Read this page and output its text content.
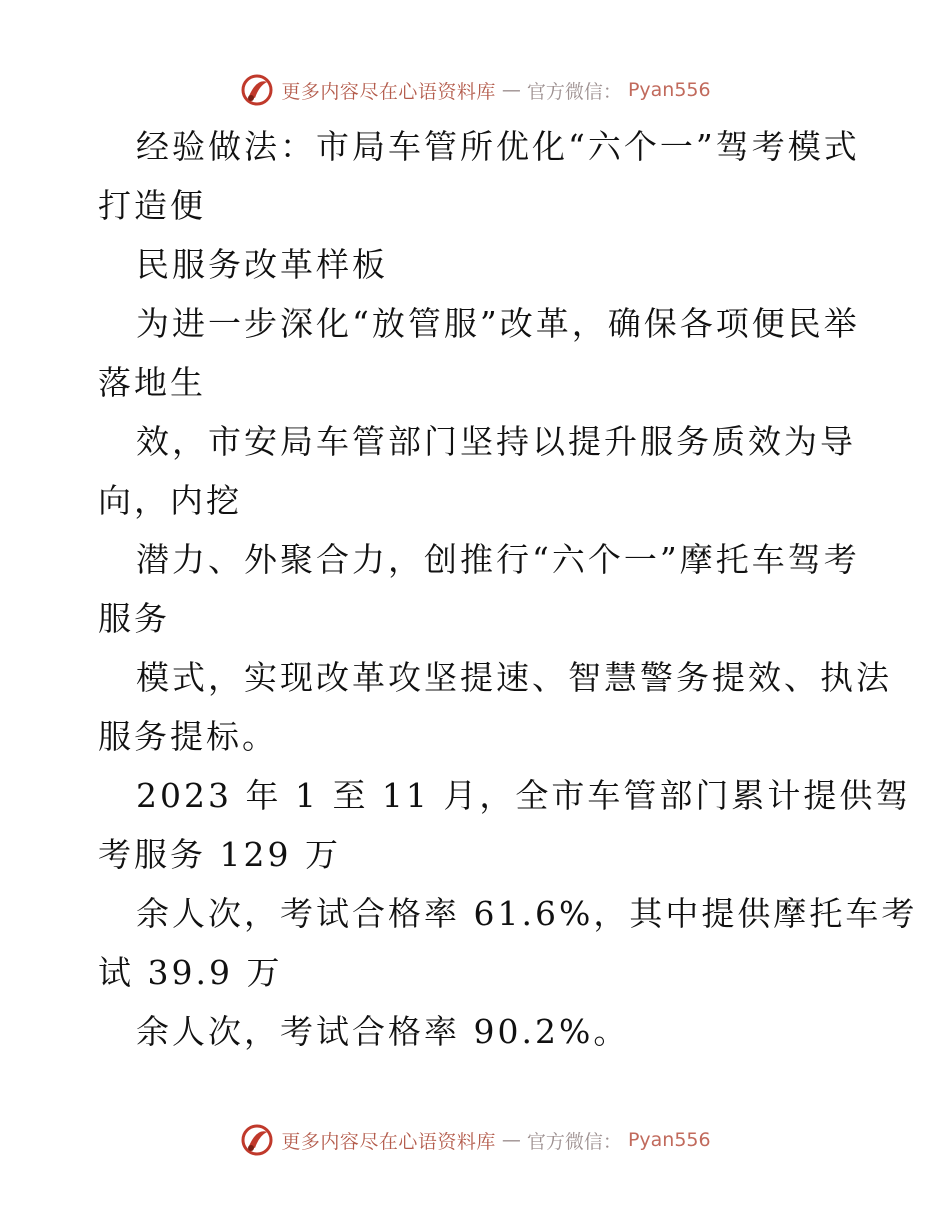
更多内容尽在心语资料库 — 官方微信： Pyan556
经验做法：市局车管所优化“六个一”驾考模式
打造便
民服务改革样板
为进一步深化“放管服”改革，确保各项便民举
落地生
效，市安局车管部门坚持以提升服务质效为导
向，内挖
潜力、外聚合力，创推行“六个一”摩托车驾考
服务
模式，实现改革攻坚提速、智慧警务提效、执法
服务提标。
2023 年 1 至 11 月，全市车管部门累计提供驾
考服务 129 万
余人次，考试合格率 61.6%，其中提供摩托车考
试 39.9 万
余人次，考试合格率 90.2%。
更多内容尽在心语资料库 — 官方微信： Pyan556
